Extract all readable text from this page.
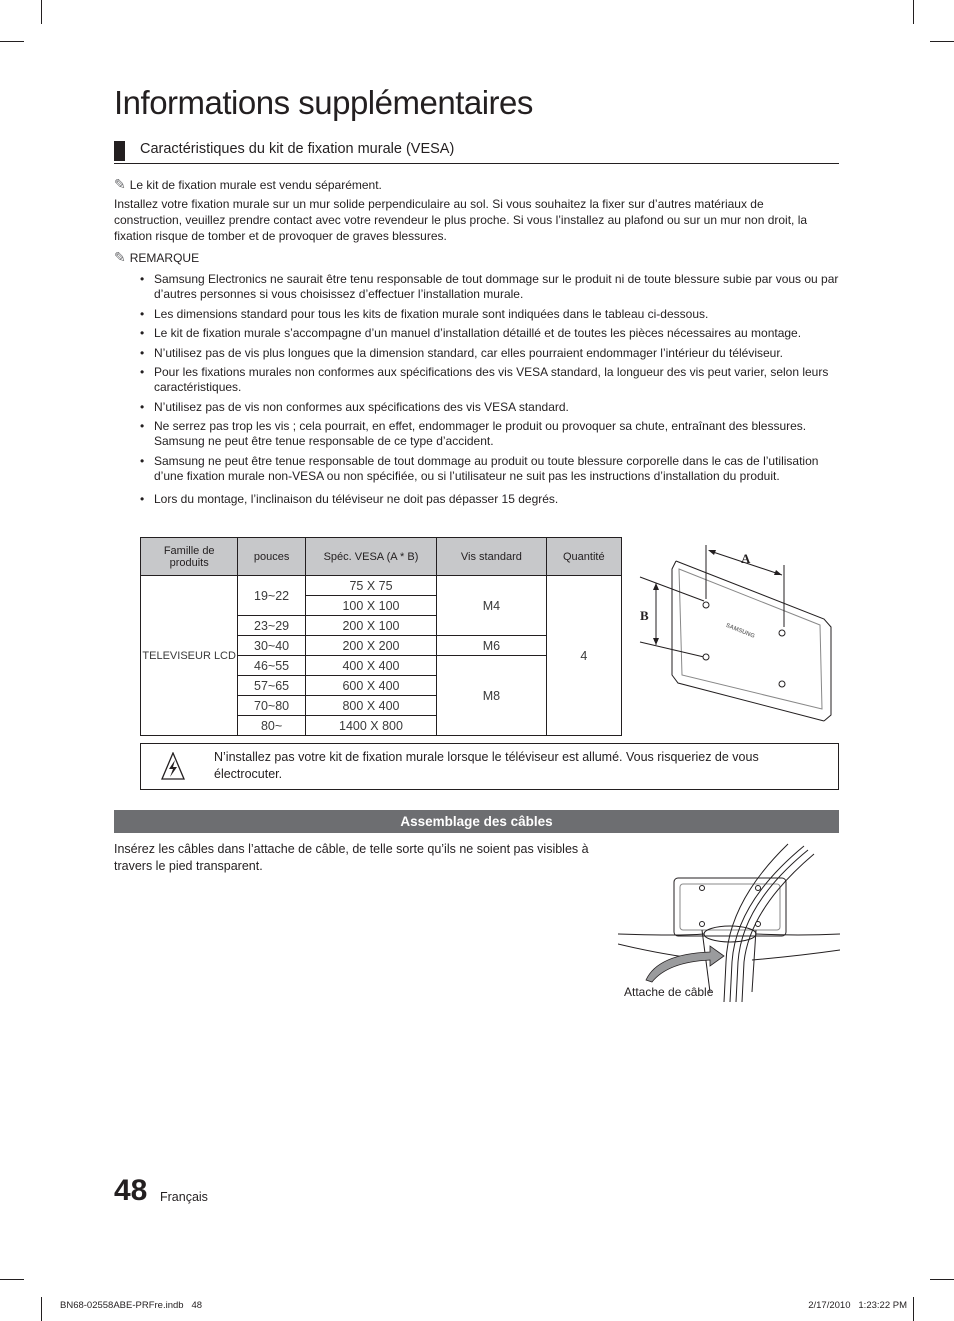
Informations supplémentaires
Caractéristiques du kit de fixation murale (VESA)
✎ Le kit de fixation murale est vendu séparément.

Installez votre fixation murale sur un mur solide perpendiculaire au sol. Si vous souhaitez la fixer sur d’autres matériaux de construction, veuillez prendre contact avec votre revendeur le plus proche. Si vous l’installez au plafond ou sur un mur non droit, la fixation risque de tomber et de provoquer de graves blessures.

✎ REMARQUE
• Samsung Electronics ne saurait être tenu responsable de tout dommage sur le produit ni de toute blessure subie par vous ou par d’autres personnes si vous choisissez d’effectuer l’installation murale.
• Les dimensions standard pour tous les kits de fixation murale sont indiquées dans le tableau ci-dessous.
• Le kit de fixation murale s’accompagne d’un manuel d’installation détaillé et de toutes les pièces nécessaires au montage.
• N’utilisez pas de vis plus longues que la dimension standard, car elles pourraient endommager l’intérieur du téléviseur.
• Pour les fixations murales non conformes aux spécifications des vis VESA standard, la longueur des vis peut varier, selon leurs caractéristiques.
• N’utilisez pas de vis non conformes aux spécifications des vis VESA standard.
• Ne serrez pas trop les vis ; cela pourrait, en effet, endommager le produit ou provoquer sa chute, entraînant des blessures. Samsung ne peut être tenue responsable de ce type d’accident.
• Samsung ne peut être tenue responsable de tout dommage au produit ou toute blessure corporelle dans le cas de l’utilisation d’une fixation murale non-VESA ou non spécifiée, ou si l’utilisateur ne suit pas les instructions d’installation du produit.
• Lors du montage, l’inclinaison du téléviseur ne doit pas dépasser 15 degrés.
Famille de produits	pouces	Spéc. VESA (A * B)	Vis standard	Quantité
TELEVISEUR LCD	19~22	75 X 75	M4	4
		100 X 100		
	23~29	200 X 100		
	30~40	200 X 200	M6	
	46~55	400 X 400	M8	
	57~65	600 X 400		
	70~80	800 X 400		
	80~	1400 X 800		
A
B
SAMSUNG
N’installez pas votre kit de fixation murale lorsque le téléviseur est allumé. Vous risqueriez de vous électrocuter.
Assemblage des câbles

Insérez les câbles dans l’attache de câble, de telle sorte qu’ils ne soient pas visibles à travers le pied transparent.

Attache de câble
48 Français
BN68-02558ABE-PRFre.indb   48	2/17/2010   1:23:22 PM
